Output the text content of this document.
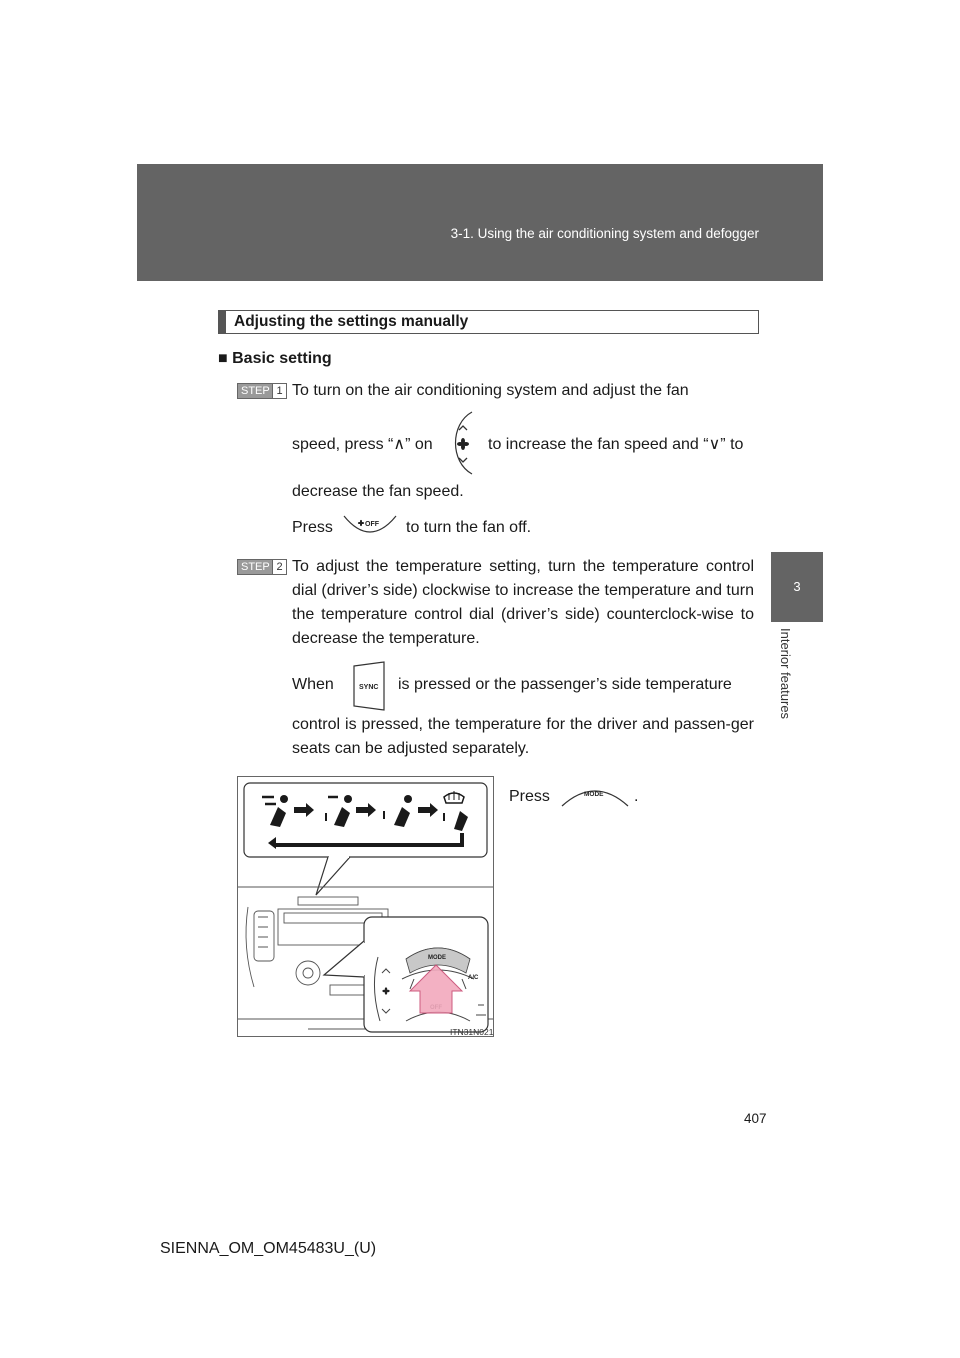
3-1. Using the air conditioning system and defogger
3
Interior features
Adjusting the settings manually
■ Basic setting
STEP 1 To turn on the air conditioning system and adjust the fan
speed, press “∧” on	to increase the fan speed and “∨” to
decrease the fan speed.
Press	OFF to turn the fan off.
STEP 2 To adjust the temperature setting, turn the temperature control dial (driver’s side) clockwise to increase the temperature and turn the temperature control dial (driver’s side) counterclock-wise to decrease the temperature.
When	SYNC is pressed or the passenger’s side temperature
control is pressed, the temperature for the driver and passen-ger seats can be adjusted separately.
Press	MODE .
MODE
A/C
ITN31N021
407
SIENNA_OM_OM45483U_(U)
